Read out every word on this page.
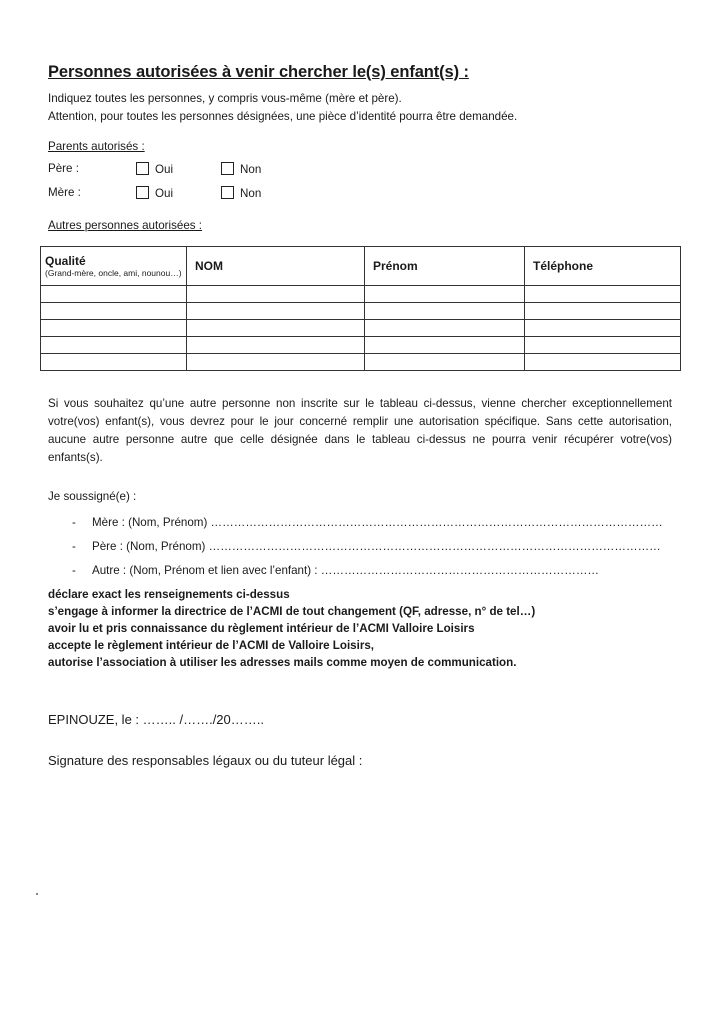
Personnes autorisées à venir chercher le(s) enfant(s) :
Indiquez toutes les personnes, y compris vous-même (mère et père).
Attention, pour toutes les personnes désignées, une pièce d’identité pourra être demandée.
Parents autorisés :
Père :	Oui	Non
Mère :	Oui	Non
Autres personnes autorisées :
Qualité
(Grand-mère, oncle, ami, nounou…)	NOM	Prénom	Téléphone

Si vous souhaitez qu’une autre personne non inscrite sur le tableau ci-dessus, vienne chercher exceptionnellement votre(vos) enfant(s), vous devrez pour le jour concerné remplir une autorisation spécifique. Sans cette autorisation, aucune autre personne autre que celle désignée dans le tableau ci-dessus ne pourra venir récupérer votre(vos) enfants(s).
Je soussigné(e) :
- Mère : (Nom, Prénom) ………………………………………………………………………………………………………
- Père : (Nom, Prénom) ………………………………………………………………………………………………………
- Autre : (Nom, Prénom et lien avec l’enfant) : ………………………………………………………………
déclare exact les renseignements ci-dessus
s’engage à informer la directrice de l’ACMI de tout changement (QF, adresse, n° de tel…)
avoir lu et pris connaissance du règlement intérieur de l’ACMI Valloire Loisirs
accepte le règlement intérieur de l’ACMI de Valloire Loisirs,
autorise l’association à utiliser les adresses mails comme moyen de communication.
EPINOUZE, le : …….. /……./20……..
Signature des responsables légaux ou du tuteur légal :
